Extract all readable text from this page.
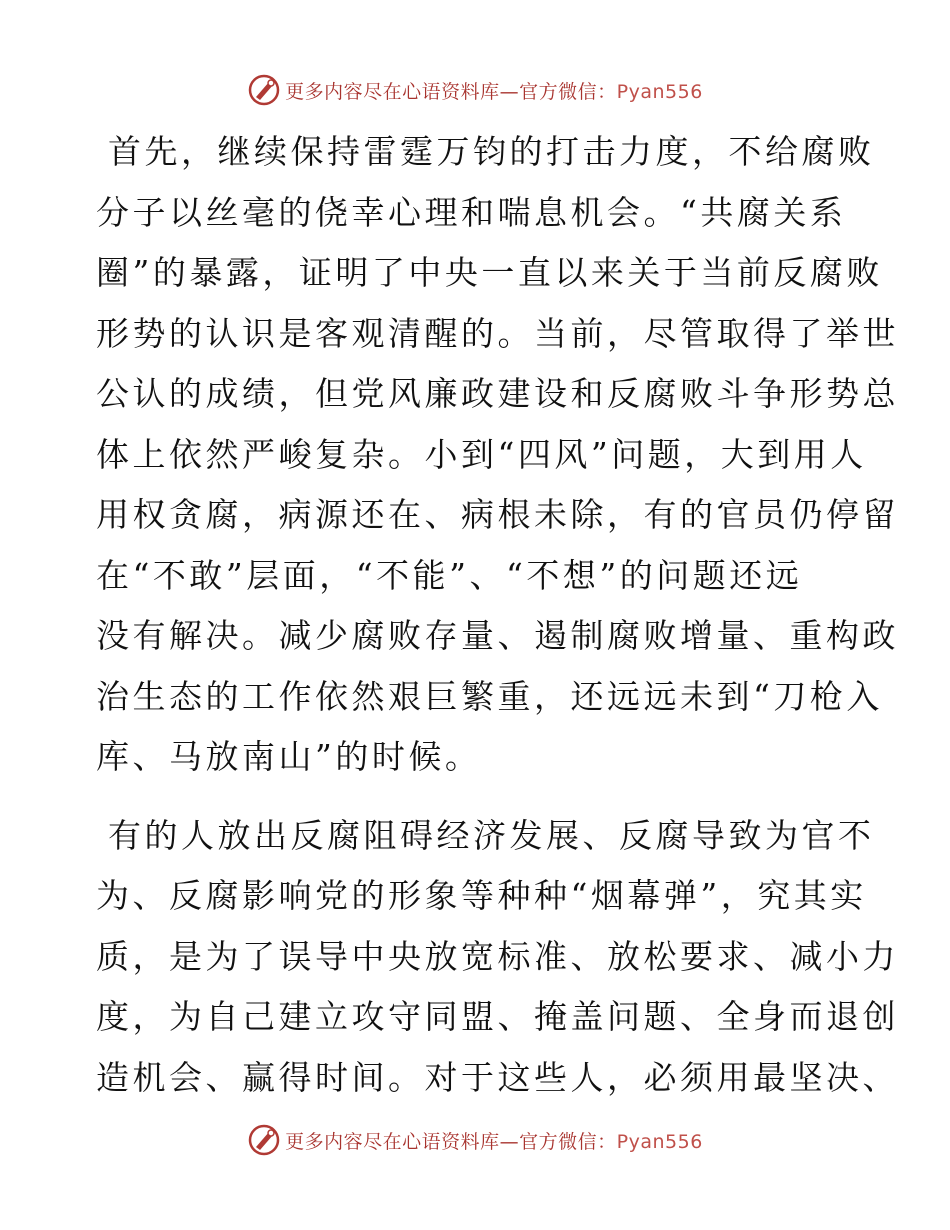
更多内容尽在心语资料库—官方微信：Pyan556

首先，继续保持雷霆万钧的打击力度，不给腐败
分子以丝毫的侥幸心理和喘息机会。“共腐关系
圈”的暴露，证明了中央一直以来关于当前反腐败
形势的认识是客观清醒的。当前，尽管取得了举世
公认的成绩，但党风廉政建设和反腐败斗争形势总
体上依然严峻复杂。小到“四风”问题，大到用人
用权贪腐，病源还在、病根未除，有的官员仍停留
在“不敢”层面，“不能”、“不想”的问题还远
没有解决。减少腐败存量、遏制腐败增量、重构政
治生态的工作依然艰巨繁重，还远远未到“刀枪入
库、马放南山”的时候。

有的人放出反腐阻碍经济发展、反腐导致为官不
为、反腐影响党的形象等种种“烟幕弹”，究其实
质，是为了误导中央放宽标准、放松要求、减小力
度，为自己建立攻守同盟、掩盖问题、全身而退创
造机会、赢得时间。对于这些人，必须用最坚决、

更多内容尽在心语资料库—官方微信：Pyan556
